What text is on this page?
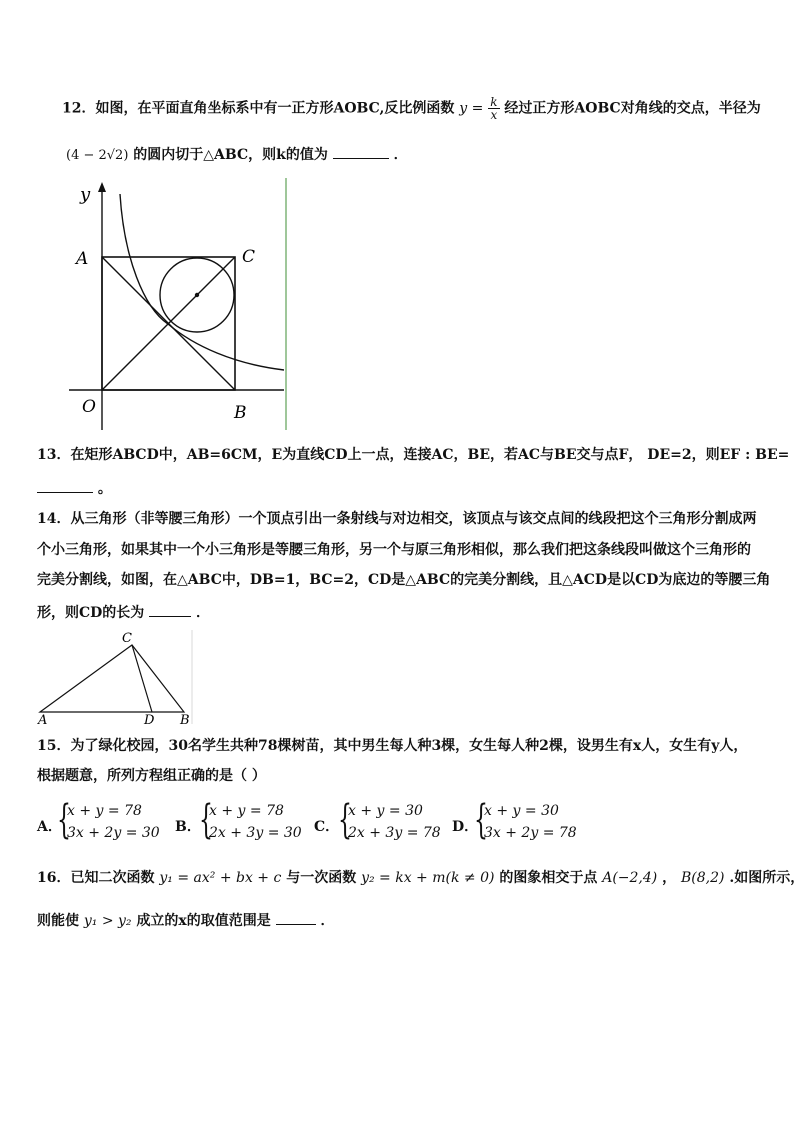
12．如图，在平面直角坐标系中有一正方形AOBC,反比例函数 $y = \frac{k}{x}$ 经过正方形AOBC对角线的交点，半径为
(4 − 2√2) 的圆内切于△ABC，则k的值为	．
y
A	C
O	B
13．在矩形ABCD中，AB=6CM，E为直线CD上一点，连接AC，BE，若AC与BE交与点F， DE=2，则EF : BE=
。
14．从三角形（非等腰三角形）一个顶点引出一条射线与对边相交，该顶点与该交点间的线段把这个三角形分割成两
个小三角形，如果其中一个小三角形是等腰三角形，另一个与原三角形相似，那么我们把这条线段叫做这个三角形的
完美分割线，如图，在△ABC中，DB=1，BC=2，CD是△ABC的完美分割线，且△ACD是以CD为底边的等腰三角
形，则CD的长为	．
C
A	D B
15．为了绿化校园，30名学生共种78棵树苗，其中男生每人种3棵，女生每人种2棵，设男生有x人，女生有y人，
根据题意，所列方程组正确的是（ ）
A．
{
x + y = 78
3x + 2y = 30 B．
{
x + y = 78
2x + 3y = 30 C．
{
x + y = 30
2x + 3y = 78 D．
{
x + y = 30
3x + 2y = 78
16．已知二次函数 y₁ = ax² + bx + c 与一次函数 y₂ = kx + m(k ≠ 0) 的图象相交于点 A(−2,4) ， B(8,2) .如图所示，
则能使 y₁ > y₂ 成立的x的取值范围是	．
